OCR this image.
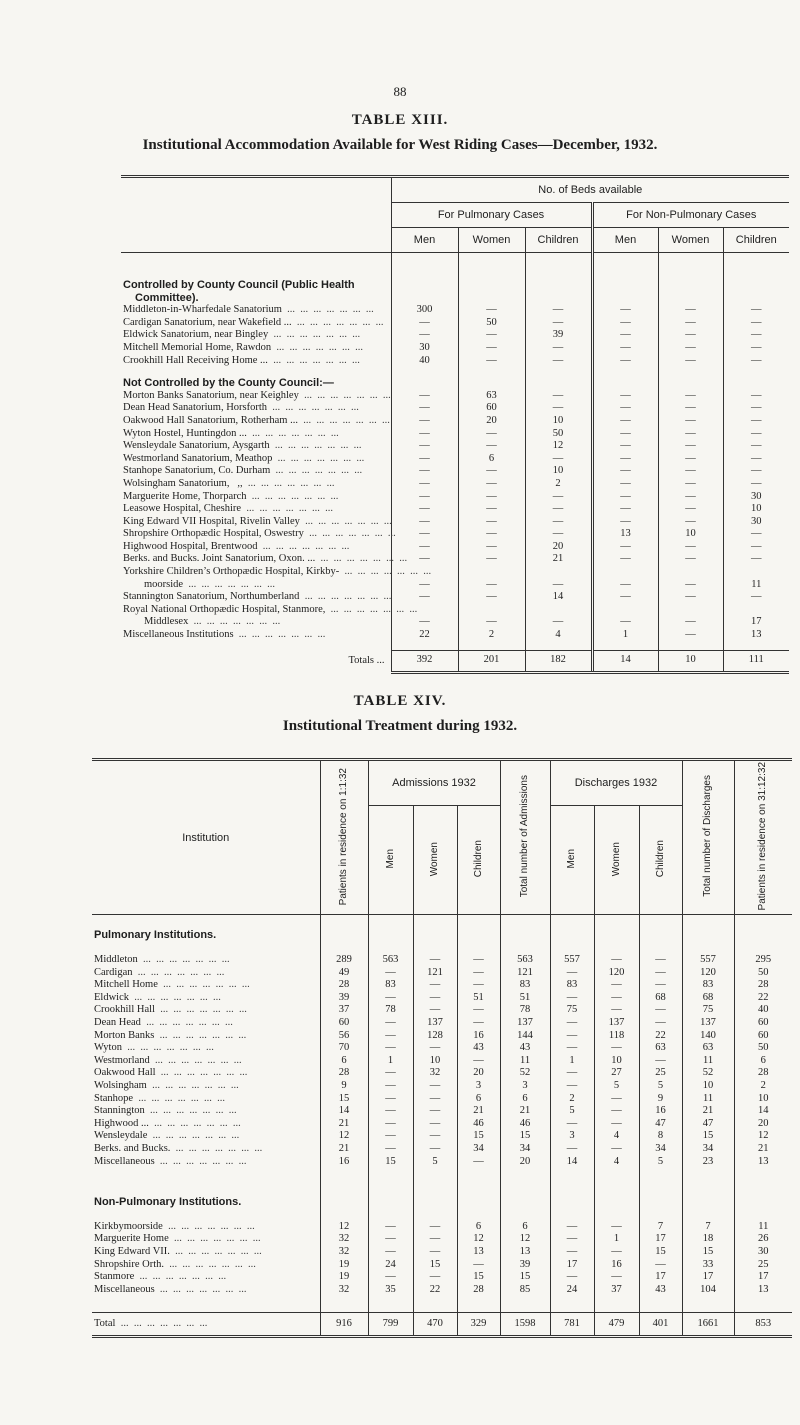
88
TABLE XIII.
Institutional Accommodation Available for West Riding Cases—December, 1932.
	No. of Beds available					
	For Pulmonary Cases			For Non-Pulmonary Cases		
	Men	Women	Children	Men	Women	Children

Controlled by County Council (Public Health						
Committee).						
Middleton-in-Wharfedale Sanatorium  ...  ...  ...  ...  ...  ...  ...	300	—	—	—	—	—
Cardigan Sanatorium, near Wakefield ...  ...  ...  ...  ...  ...  ...  ...	—	50	—	—	—	—
Eldwick Sanatorium, near Bingley  ...  ...  ...  ...  ...  ...  ...	—	—	39	—	—	—
Mitchell Memorial Home, Rawdon  ...  ...  ...  ...  ...  ...  ...	30	—	—	—	—	—
Crookhill Hall Receiving Home ...  ...  ...  ...  ...  ...  ...  ...	40	—	—	—	—	—

Not Controlled by the County Council:—						
Morton Banks Sanatorium, near Keighley  ...  ...  ...  ...  ...  ...  ...	—	63	—	—	—	—
Dean Head Sanatorium, Horsforth  ...  ...  ...  ...  ...  ...  ...	—	60	—	—	—	—
Oakwood Hall Sanatorium, Rotherham ...  ...  ...  ...  ...  ...  ...  ...	—	20	10	—	—	—
Wyton Hostel, Huntingdon ...  ...  ...  ...  ...  ...  ...  ...	—	—	50	—	—	—
Wensleydale Sanatorium, Aysgarth  ...  ...  ...  ...  ...  ...  ...	—	—	12	—	—	—
Westmorland Sanatorium, Meathop  ...  ...  ...  ...  ...  ...  ...	—	6	—	—	—	—
Stanhope Sanatorium, Co. Durham  ...  ...  ...  ...  ...  ...  ...	—	—	10	—	—	—
Wolsingham Sanatorium,   ,,  ...  ...  ...  ...  ...  ...  ...	—	—	2	—	—	—
Marguerite Home, Thorparch  ...  ...  ...  ...  ...  ...  ...	—	—	—	—	—	30
Leasowe Hospital, Cheshire  ...  ...  ...  ...  ...  ...  ...	—	—	—	—	—	10
King Edward VII Hospital, Rivelin Valley  ...  ...  ...  ...  ...  ...  ...	—	—	—	—	—	30
Shropshire Orthopædic Hospital, Oswestry  ...  ...  ...  ...  ...  ...  ...	—	—	—	13	10	—
Highwood Hospital, Brentwood  ...  ...  ...  ...  ...  ...  ...	—	—	20	—	—	—
Berks. and Bucks. Joint Sanatorium, Oxon. ...  ...  ...  ...  ...  ...  ...  ...	—	—	21	—	—	—
Yorkshire Children’s Orthopædic Hospital, Kirkby-  ...  ...  ...  ...  ...  ...  ...						
moorside  ...  ...  ...  ...  ...  ...  ...	—	—	—	—	—	11
Stannington Sanatorium, Northumberland  ...  ...  ...  ...  ...  ...  ...	—	—	14	—	—	—
Royal National Orthopædic Hospital, Stanmore,  ...  ...  ...  ...  ...  ...  ...						
Middlesex  ...  ...  ...  ...  ...  ...  ...	—	—	—	—	—	17
Miscellaneous Institutions  ...  ...  ...  ...  ...  ...  ...	22	2	4	1	—	13

Totals ...	392	201	182	14	10	111
TABLE XIV.
Institutional Treatment during 1932.
Institution	Patients in residence on 1:1:32	Admissions 1932			Total number of Admissions	Discharges 1932			Total number of Discharges	Patients in residence on 31:12:32
		Men	Women	Children		Men	Women	Children		

Pulmonary Institutions.										

Middleton  ...  ...  ...  ...  ...  ...  ...	289	563	—	—	563	557	—	—	557	295
Cardigan  ...  ...  ...  ...  ...  ...  ...	49	—	121	—	121	—	120	—	120	50
Mitchell Home  ...  ...  ...  ...  ...  ...  ...	28	83	—	—	83	83	—	—	83	28
Eldwick  ...  ...  ...  ...  ...  ...  ...	39	—	—	51	51	—	—	68	68	22
Crookhill Hall  ...  ...  ...  ...  ...  ...  ...	37	78	—	—	78	75	—	—	75	40
Dean Head  ...  ...  ...  ...  ...  ...  ...	60	—	137	—	137	—	137	—	137	60
Morton Banks  ...  ...  ...  ...  ...  ...  ...	56	—	128	16	144	—	118	22	140	60
Wyton  ...  ...  ...  ...  ...  ...  ...	70	—	—	43	43	—	—	63	63	50
Westmorland  ...  ...  ...  ...  ...  ...  ...	6	1	10	—	11	1	10	—	11	6
Oakwood Hall  ...  ...  ...  ...  ...  ...  ...	28	—	32	20	52	—	27	25	52	28
Wolsingham  ...  ...  ...  ...  ...  ...  ...	9	—	—	3	3	—	5	5	10	2
Stanhope  ...  ...  ...  ...  ...  ...  ...	15	—	—	6	6	2	—	9	11	10
Stannington  ...  ...  ...  ...  ...  ...  ...	14	—	—	21	21	5	—	16	21	14
Highwood ...  ...  ...  ...  ...  ...  ...  ...	21	—	—	46	46	—	—	47	47	20
Wensleydale  ...  ...  ...  ...  ...  ...  ...	12	—	—	15	15	3	4	8	15	12
Berks. and Bucks.  ...  ...  ...  ...  ...  ...  ...	21	—	—	34	34	—	—	34	34	21
Miscellaneous  ...  ...  ...  ...  ...  ...  ...	16	15	5	—	20	14	4	5	23	13

Non-Pulmonary Institutions.										

Kirkbymoorside  ...  ...  ...  ...  ...  ...  ...	12	—	—	6	6	—	—	7	7	11
Marguerite Home  ...  ...  ...  ...  ...  ...  ...	32	—	—	12	12	—	1	17	18	26
King Edward VII.  ...  ...  ...  ...  ...  ...  ...	32	—	—	13	13	—	—	15	15	30
Shropshire Orth.  ...  ...  ...  ...  ...  ...  ...	19	24	15	—	39	17	16	—	33	25
Stanmore  ...  ...  ...  ...  ...  ...  ...	19	—	—	15	15	—	—	17	17	17
Miscellaneous  ...  ...  ...  ...  ...  ...  ...	32	35	22	28	85	24	37	43	104	13

Total  ...  ...  ...  ...  ...  ...  ...	916	799	470	329	1598	781	479	401	1661	853
